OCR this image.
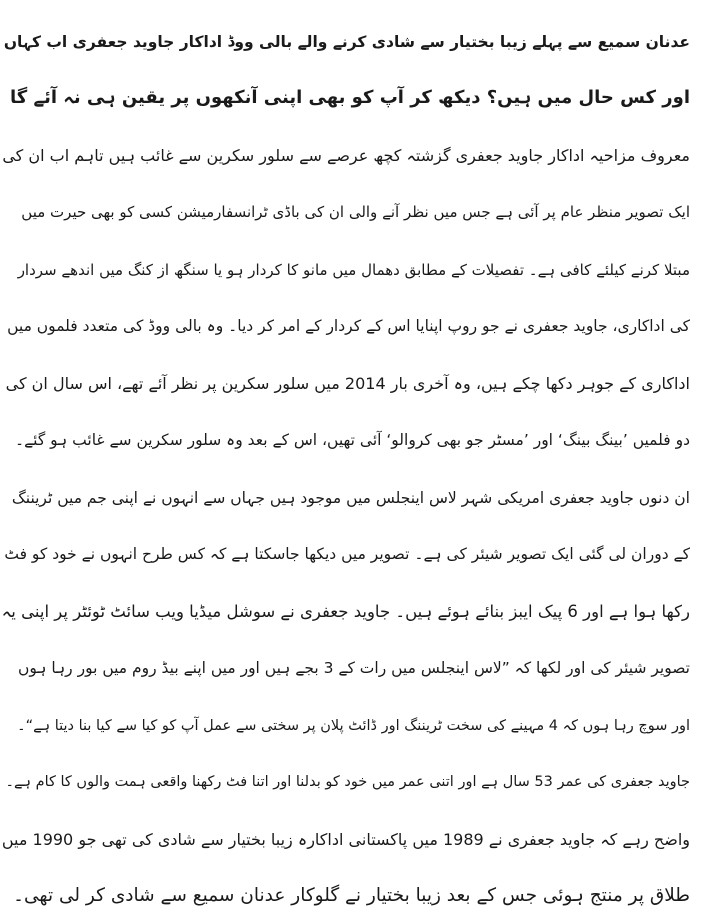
عدنان سمیع سے پہلے زیبا بختیار سے شادی کرنے والے بالی ووڈ اداکار جاوید جعفری اب کہاں

اور کس حال میں ہیں؟ دیکھ کر آپ کو بھی اپنی آنکھوں پر یقین ہی نہ آئے گا

معروف مزاحیہ اداکار جاوید جعفری گزشتہ کچھ عرصے سے سلور سکرین سے غائب ہیں تاہم اب ان کی

ایک تصویر منظر عام پر آئی ہے جس میں نظر آنے والی ان کی باڈی ٹرانسفارمیشن کسی کو بھی حیرت میں

مبتلا کرنے کیلئے کافی ہے۔ تفصیلات کے مطابق دھمال میں مانو کا کردار ہو یا سنگھ از کنگ میں اندھے سردار

کی اداکاری، جاوید جعفری نے جو روپ اپنایا اس کے کردار کے امر کر دیا۔ وہ بالی ووڈ کی متعدد فلموں میں

اداکاری کے جوہر دکھا چکے ہیں، وہ آخری بار 2014 میں سلور سکرین پر نظر آئے تھے، اس سال ان کی

دو فلمیں ’بینگ بینگ‘ اور ’مسٹر جو بھی کروالو‘ آئی تھیں، اس کے بعد وہ سلور سکرین سے غائب ہو گئے۔

ان دنوں جاوید جعفری امریکی شہر لاس اینجلس میں موجود ہیں جہاں سے انہوں نے اپنی جم میں ٹریننگ

کے دوران لی گئی ایک تصویر شیئر کی ہے۔ تصویر میں دیکھا جاسکتا ہے کہ کس طرح انہوں نے خود کو فٹ

رکھا ہوا ہے اور 6 پیک ایبز بنائے ہوئے ہیں۔ جاوید جعفری نے سوشل میڈیا ویب سائٹ ٹوئٹر پر اپنی یہ

تصویر شیئر کی اور لکھا کہ ”لاس اینجلس میں رات کے 3 بجے ہیں اور میں اپنے بیڈ روم میں بور رہا ہوں

اور سوچ رہا ہوں کہ 4 مہینے کی سخت ٹریننگ اور ڈائٹ پلان پر سختی سے عمل آپ کو کیا سے کیا بنا دیتا ہے“۔

جاوید جعفری کی عمر 53 سال ہے اور اتنی عمر میں خود کو بدلنا اور اتنا فٹ رکھنا واقعی ہمت والوں کا کام ہے۔

واضح رہے کہ جاوید جعفری نے 1989 میں پاکستانی اداکارہ زیبا بختیار سے شادی کی تھی جو 1990 میں

طلاق پر منتج ہوئی جس کے بعد زیبا بختیار نے گلوکار عدنان سمیع سے شادی کر لی تھی۔
